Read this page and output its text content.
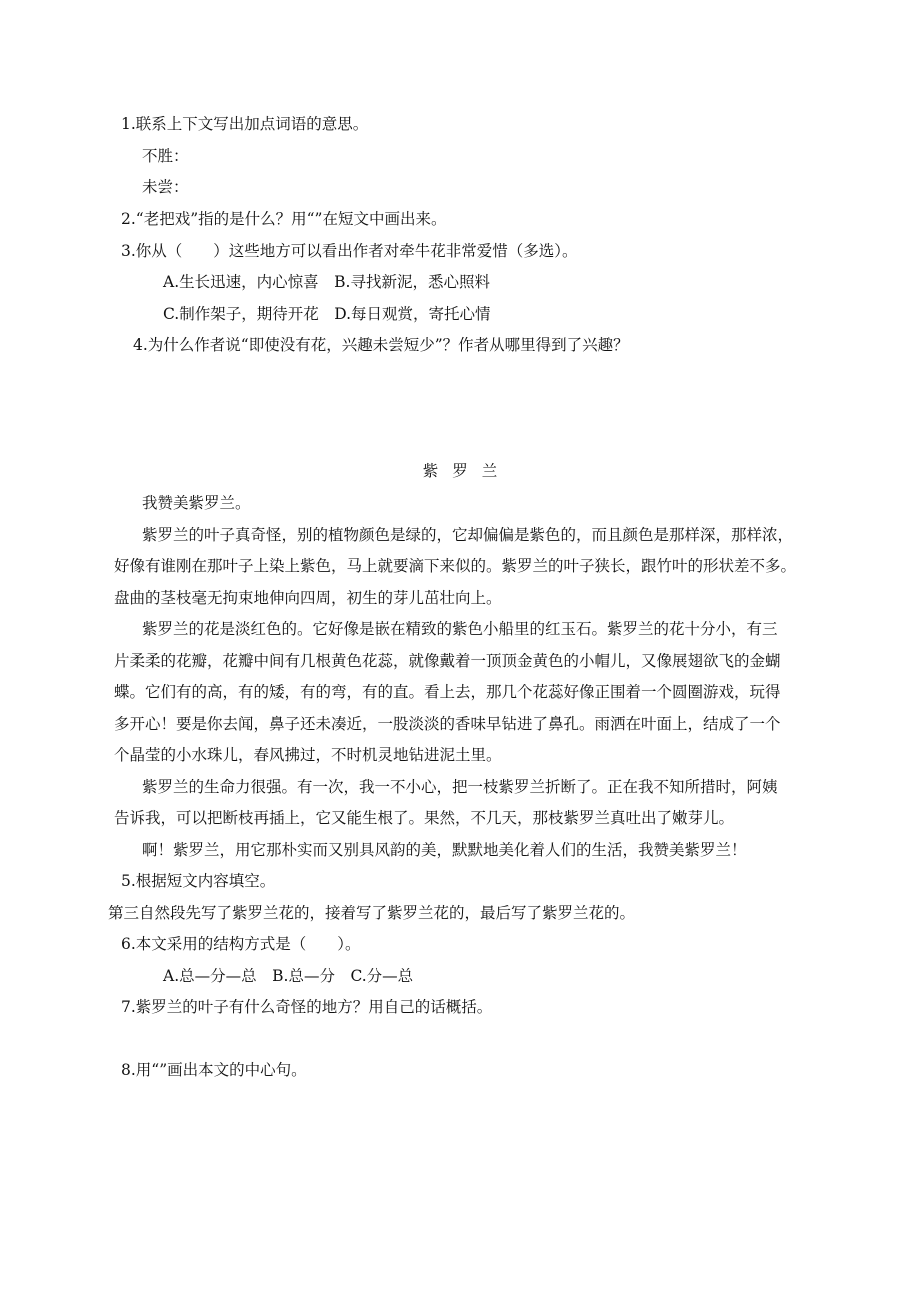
1.联系上下文写出加点词语的意思。
不胜：
未尝：
2.“老把戏”指的是什么？用“”在短文中画出来。
3.你从（　　）这些地方可以看出作者对牵牛花非常爱惜（多选）。
A.生长迅速，内心惊喜　B.寻找新泥，悉心照料
C.制作架子，期待开花　D.每日观赏，寄托心情
4.为什么作者说“即使没有花，兴趣未尝短少”？作者从哪里得到了兴趣？
紫罗兰
我赞美紫罗兰。
紫罗兰的叶子真奇怪，别的植物颜色是绿的，它却偏偏是紫色的，而且颜色是那样深，那样浓，
好像有谁刚在那叶子上染上紫色，马上就要滴下来似的。紫罗兰的叶子狭长，跟竹叶的形状差不多。
盘曲的茎枝毫无拘束地伸向四周，初生的芽儿茁壮向上。
紫罗兰的花是淡红色的。它好像是嵌在精致的紫色小船里的红玉石。紫罗兰的花十分小，有三
片柔柔的花瓣，花瓣中间有几根黄色花蕊，就像戴着一顶顶金黄色的小帽儿，又像展翅欲飞的金蝴
蝶。它们有的高，有的矮，有的弯，有的直。看上去，那几个花蕊好像正围着一个圆圈游戏，玩得
多开心！要是你去闻，鼻子还未凑近，一股淡淡的香味早钻进了鼻孔。雨洒在叶面上，结成了一个
个晶莹的小水珠儿，春风拂过，不时机灵地钻进泥土里。
紫罗兰的生命力很强。有一次，我一不小心，把一枝紫罗兰折断了。正在我不知所措时，阿姨
告诉我，可以把断枝再插上，它又能生根了。果然，不几天，那枝紫罗兰真吐出了嫩芽儿。
啊！紫罗兰，用它那朴实而又别具风韵的美，默默地美化着人们的生活，我赞美紫罗兰！
5.根据短文内容填空。
第三自然段先写了紫罗兰花的，接着写了紫罗兰花的，最后写了紫罗兰花的。
6.本文采用的结构方式是（　　）。
A.总—分—总　B.总—分　C.分—总
7.紫罗兰的叶子有什么奇怪的地方？用自己的话概括。
8.用“”画出本文的中心句。
